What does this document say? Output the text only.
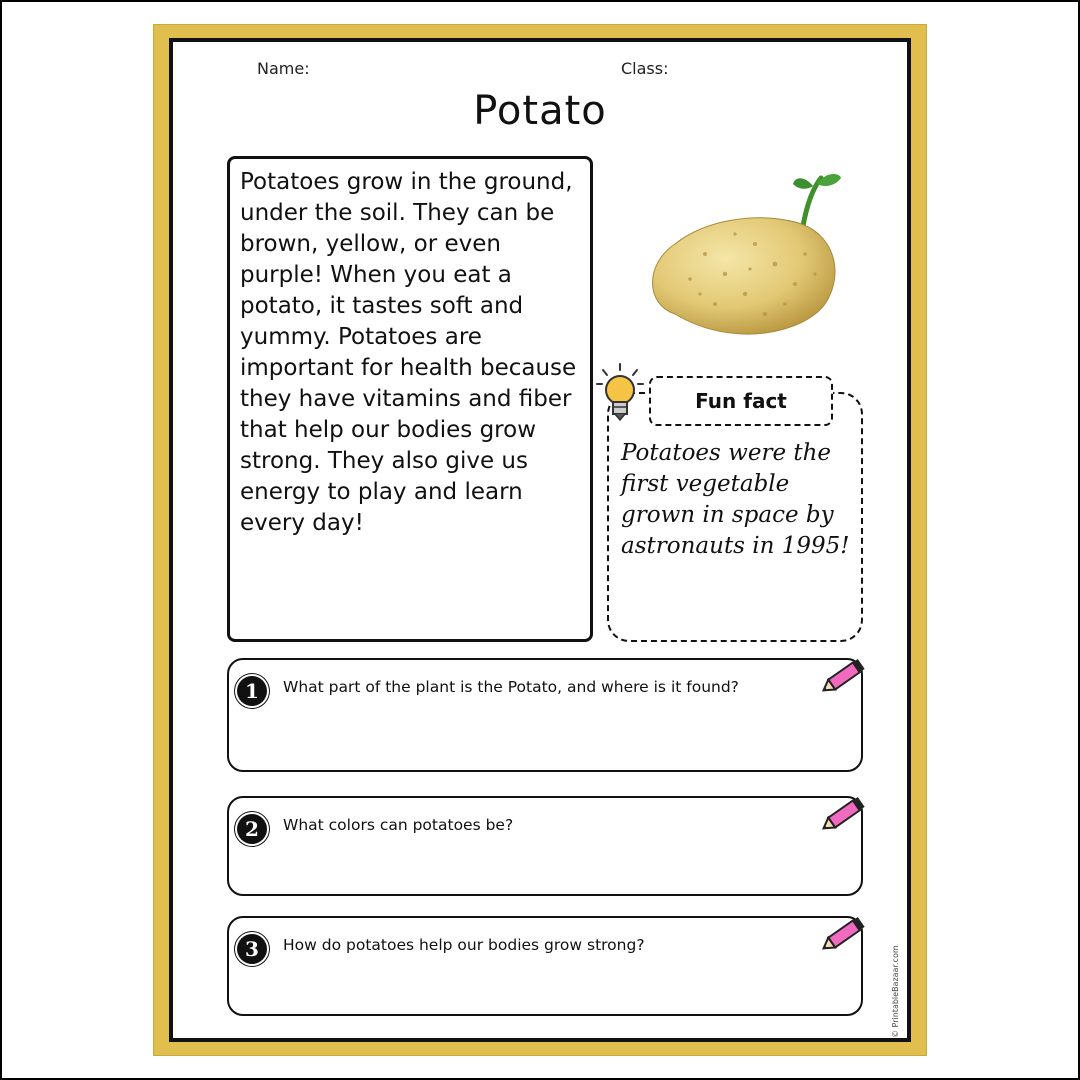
Name:	Class:
Potato

Potatoes grow in the ground, under the soil. They can be brown, yellow, or even purple! When you eat a potato, it tastes soft and yummy. Potatoes are important for health because they have vitamins and fiber that help our bodies grow strong. They also give us energy to play and learn every day!

Potatoes were the first vegetable grown in space by astronauts in 1995!

Fun fact
1	What part of the plant is the Potato, and where is it found?
2	What colors can potatoes be?
3	How do potatoes help our bodies grow strong?
© PrintableBazaar.com
